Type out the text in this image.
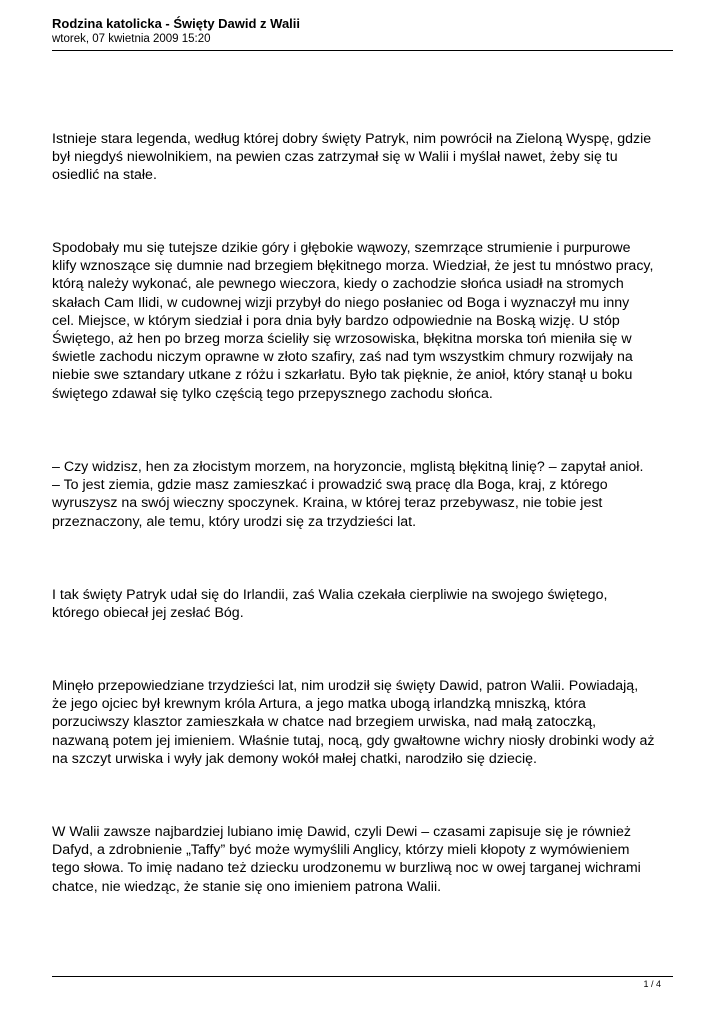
Rodzina katolicka - Święty Dawid z Walii

wtorek, 07 kwietnia 2009 15:20

Istnieje stara legenda, według której dobry święty Patryk, nim powrócił na Zieloną Wyspę, gdzie
był niegdyś niewolnikiem, na pewien czas zatrzymał się w Walii i myślał nawet, żeby się tu
osiedlić na stałe.

Spodobały mu się tutejsze dzikie góry i głębokie wąwozy, szemrzące strumienie i purpurowe
klify wznoszące się dumnie nad brzegiem błękitnego morza. Wiedział, że jest tu mnóstwo pracy,
którą należy wykonać, ale pewnego wieczora, kiedy o zachodzie słońca usiadł na stromych
skałach Cam Ilidi, w cudownej wizji przybył do niego posłaniec od Boga i wyznaczył mu inny
cel. Miejsce, w którym siedział i pora dnia były bardzo odpowiednie na Boską wizję. U stóp
Świętego, aż hen po brzeg morza ścieliły się wrzosowiska, błękitna morska toń mieniła się w
świetle zachodu niczym oprawne w złoto szafiry, zaś nad tym wszystkim chmury rozwijały na
niebie swe sztandary utkane z różu i szkarłatu. Było tak pięknie, że anioł, który stanął u boku
świętego zdawał się tylko częścią tego przepysznego zachodu słońca.

– Czy widzisz, hen za złocistym morzem, na horyzoncie, mglistą błękitną linię? – zapytał anioł.
– To jest ziemia, gdzie masz zamieszkać i prowadzić swą pracę dla Boga, kraj, z którego
wyruszysz na swój wieczny spoczynek. Kraina, w której teraz przebywasz, nie tobie jest
przeznaczony, ale temu, który urodzi się za trzydzieści lat.

I tak święty Patryk udał się do Irlandii, zaś Walia czekała cierpliwie na swojego świętego,
którego obiecał jej zesłać Bóg.

Minęło przepowiedziane trzydzieści lat, nim urodził się święty Dawid, patron Walii. Powiadają,
że jego ojciec był krewnym króla Artura, a jego matka ubogą irlandzką mniszką, która
porzuciwszy klasztor zamieszkała w chatce nad brzegiem urwiska, nad małą zatoczką,
nazwaną potem jej imieniem. Właśnie tutaj, nocą, gdy gwałtowne wichry niosły drobinki wody aż
na szczyt urwiska i wyły jak demony wokół małej chatki, narodziło się dziecię.

W Walii zawsze najbardziej lubiano imię Dawid, czyli Dewi – czasami zapisuje się je również
Dafyd, a zdrobnienie „Taffy” być może wymyślili Anglicy, którzy mieli kłopoty z wymówieniem
tego słowa. To imię nadano też dziecku urodzonemu w burzliwą noc w owej targanej wichrami
chatce, nie wiedząc, że stanie się ono imieniem patrona Walii.

1 / 4
